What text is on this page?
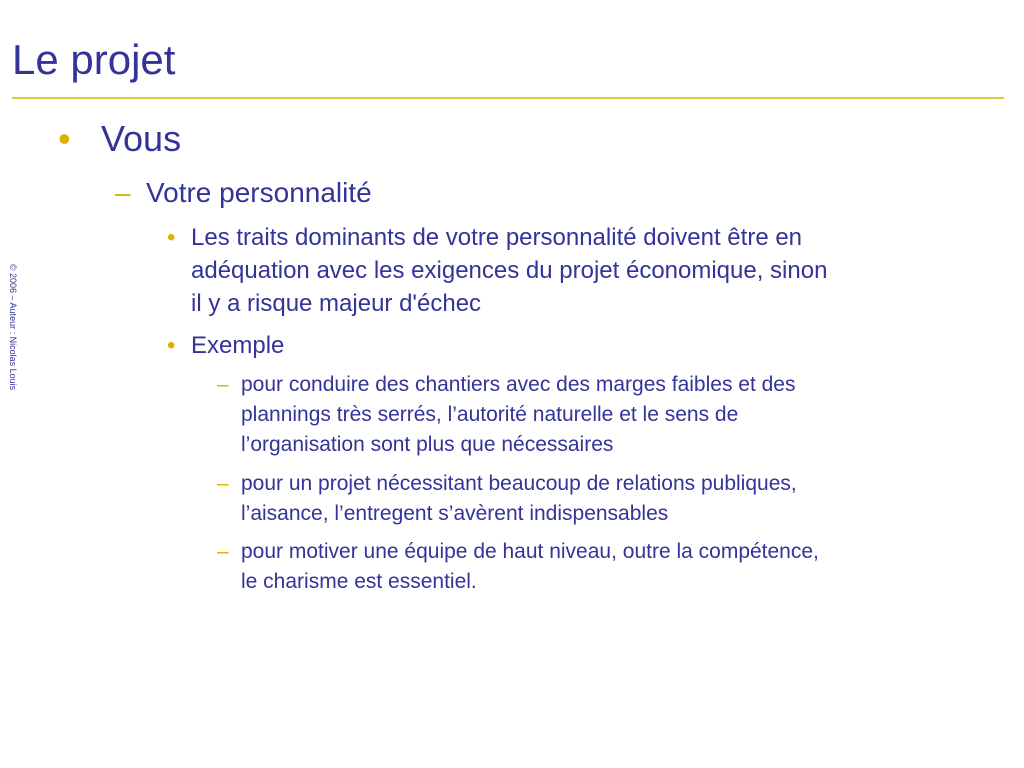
Le projet
© 2006 – Auteur : Nicolas Louis
• Vous
– Votre personnalité
• Les traits dominants de votre personnalité doivent être en
adéquation avec les exigences du projet économique, sinon
il y a risque majeur d'échec
• Exemple
– pour conduire des chantiers avec des marges faibles et des
plannings très serrés, l’autorité naturelle et le sens de
l’organisation sont plus que nécessaires
– pour un projet nécessitant beaucoup de relations publiques,
l’aisance, l’entregent s’avèrent indispensables
– pour motiver une équipe de haut niveau, outre la compétence,
le charisme est essentiel.
